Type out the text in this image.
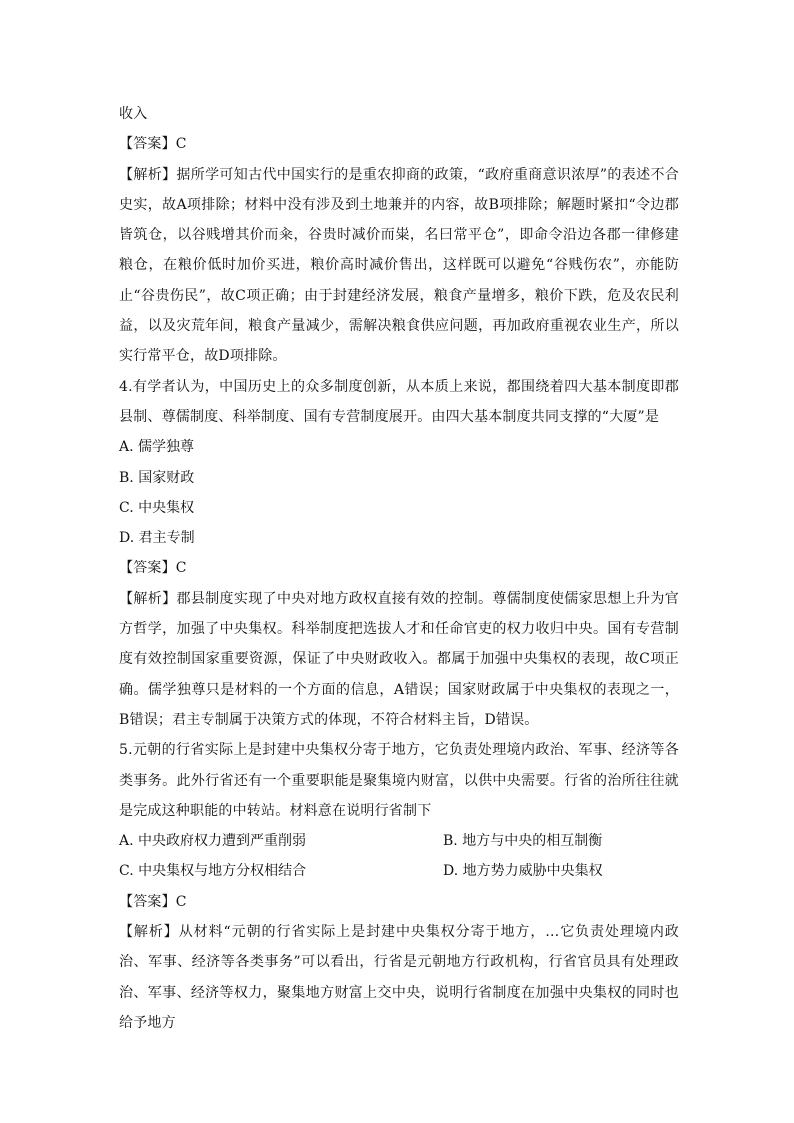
收入

【答案】C

【解析】据所学可知古代中国实行的是重农抑商的政策，“政府重商意识浓厚”的表述不合史实，故A项排除；材料中没有涉及到土地兼并的内容，故B项排除；解题时紧扣“令边郡皆筑仓，以谷贱增其价而籴，谷贵时减价而粜，名曰常平仓”，即命令沿边各郡一律修建粮仓，在粮价低时加价买进，粮价高时减价售出，这样既可以避免“谷贱伤农”，亦能防止“谷贵伤民”，故C项正确；由于封建经济发展，粮食产量增多，粮价下跌，危及农民利益，以及灾荒年间，粮食产量减少，需解决粮食供应问题，再加政府重视农业生产，所以实行常平仓，故D项排除。

4.有学者认为，中国历史上的众多制度创新，从本质上来说，都围绕着四大基本制度即郡县制、尊儒制度、科举制度、国有专营制度展开。由四大基本制度共同支撑的“大厦”是

A. 儒学独尊

B. 国家财政

C. 中央集权

D. 君主专制

【答案】C

【解析】郡县制度实现了中央对地方政权直接有效的控制。尊儒制度使儒家思想上升为官方哲学，加强了中央集权。科举制度把选拔人才和任命官吏的权力收归中央。国有专营制度有效控制国家重要资源，保证了中央财政收入。都属于加强中央集权的表现，故C项正确。儒学独尊只是材料的一个方面的信息，A错误；国家财政属于中央集权的表现之一，B错误；君主专制属于决策方式的体现，不符合材料主旨，D错误。

5.元朝的行省实际上是封建中央集权分寄于地方，它负责处理境内政治、军事、经济等各类事务。此外行省还有一个重要职能是聚集境内财富，以供中央需要。行省的治所往往就是完成这种职能的中转站。材料意在说明行省制下

A. 中央政府权力遭到严重削弱	B. 地方与中央的相互制衡
C. 中央集权与地方分权相结合	D. 地方势力威胁中央集权

【答案】C

【解析】从材料“元朝的行省实际上是封建中央集权分寄于地方，…它负责处理境内政治、军事、经济等各类事务”可以看出，行省是元朝地方行政机构，行省官员具有处理政治、军事、经济等权力，聚集地方财富上交中央，说明行省制度在加强中央集权的同时也给予地方
